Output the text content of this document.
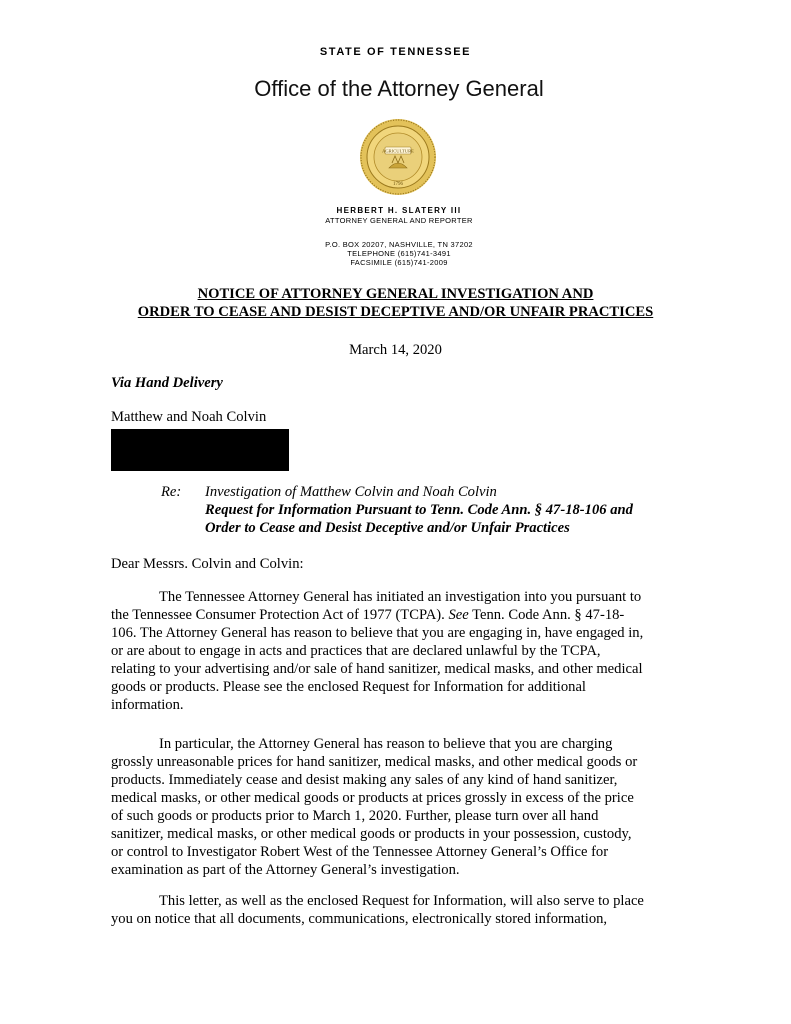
STATE OF TENNESSEE
Office of the Attorney General
AGRICULTURE
1796
HERBERT H. SLATERY III
ATTORNEY GENERAL AND REPORTER
P.O. BOX 20207, NASHVILLE, TN 37202
TELEPHONE (615)741-3491
FACSIMILE (615)741-2009
NOTICE OF ATTORNEY GENERAL INVESTIGATION AND
ORDER TO CEASE AND DESIST DECEPTIVE AND/OR UNFAIR PRACTICES
March 14, 2020
Via Hand Delivery
Matthew and Noah Colvin
Re: Investigation of Matthew Colvin and Noah Colvin
Request for Information Pursuant to Tenn. Code Ann. § 47-18-106 and
Order to Cease and Desist Deceptive and/or Unfair Practices
Dear Messrs. Colvin and Colvin:
The Tennessee Attorney General has initiated an investigation into you pursuant to
the Tennessee Consumer Protection Act of 1977 (TCPA). See Tenn. Code Ann. § 47-18-
106. The Attorney General has reason to believe that you are engaging in, have engaged in,
or are about to engage in acts and practices that are declared unlawful by the TCPA,
relating to your advertising and/or sale of hand sanitizer, medical masks, and other medical
goods or products. Please see the enclosed Request for Information for additional
information.
In particular, the Attorney General has reason to believe that you are charging
grossly unreasonable prices for hand sanitizer, medical masks, and other medical goods or
products. Immediately cease and desist making any sales of any kind of hand sanitizer,
medical masks, or other medical goods or products at prices grossly in excess of the price
of such goods or products prior to March 1, 2020. Further, please turn over all hand
sanitizer, medical masks, or other medical goods or products in your possession, custody,
or control to Investigator Robert West of the Tennessee Attorney General’s Office for
examination as part of the Attorney General’s investigation.
This letter, as well as the enclosed Request for Information, will also serve to place
you on notice that all documents, communications, electronically stored information,
